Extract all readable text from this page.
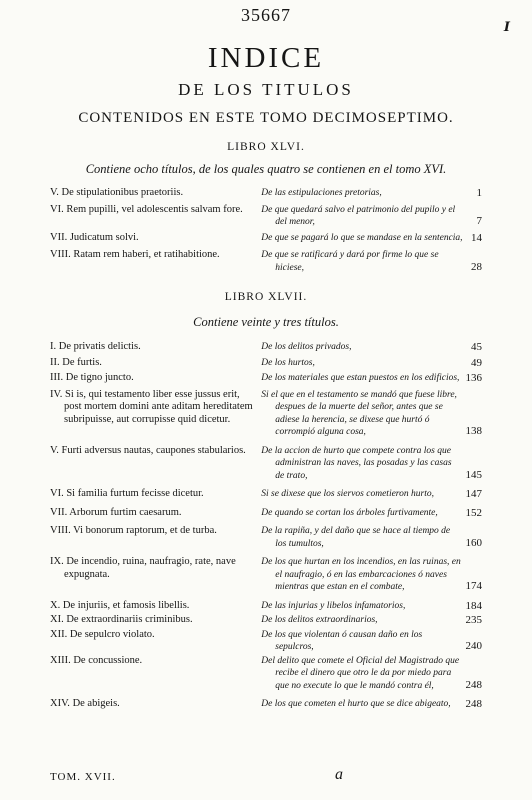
35667
I
INDICE
DE LOS TITULOS
CONTENIDOS EN ESTE TOMO DECIMOSEPTIMO.
LIBRO XLVI.
Contiene ocho títulos, de los quales quatro se contienen en el tomo XVI.
V. De stipulationibus praetoriis.	De las estipulaciones pretorias,	1
VI. Rem pupilli, vel adolescentis salvam fore.	De que quedará salvo el patrimonio del pupilo y el del menor,	7
VII. Judicatum solvi.	De que se pagará lo que se mandase en la sentencia, 14
VIII. Ratam rem haberi, et ratihabitione.	De que se ratificará y dará por firme lo que se hiciese,	28
LIBRO XLVII.
Contiene veinte y tres títulos.
I. De privatis delictis.	De los delitos privados,	45
II. De furtis.	De los hurtos,	49
III. De tigno juncto.	De los materiales que estan puestos en los edificios, 136
IV. Si is, qui testamento liber esse jussus erit, post mortem domini ante aditam hereditatem subripuisse, aut corrupisse quid dicetur.
Si el que en el testamento se mandó que fuese libre, despues de la muerte del señor, antes que se adiese la herencia, se dixese que hurtó ó corrompió alguna cosa,	138
V. Furti adversus nautas, caupones stabularios.	De la accion de hurto que compete contra los que administran las naves, las posadas y las casas de trato,	145
VI. Si familia furtum fecisse dicetur.	Si se dixese que los siervos cometieron hurto,	147
VII. Arborum furtim caesarum.	De quando se cortan los árboles furtivamente,	152
VIII. Vi bonorum raptorum, et de turba.	De la rapiña, y del daño que se hace al tiempo de los tumultos,	160
IX. De incendio, ruina, naufragio, rate, nave expugnata.
De los que hurtan en los incendios, en las ruinas, en el naufragio, ó en las embarcaciones ó naves mientras que estan en el combate,	174
X. De injuriis, et famosis libellis.	De las injurias y libelos infamatorios,	184
XI. De extraordinariis criminibus.	De los delitos extraordinarios,	235
XII. De sepulcro violato.	De los que violentan ó causan daño en los sepulcros,	240
XIII. De concussione.	Del delito que comete el Oficial del Magistrado que recibe el dinero que otro le da por miedo para que no execute lo que le mandó contra él,	248
XIV. De abigeis.	De los que cometen el hurto que se dice abigeato,	248
TOM. XVII.	a
